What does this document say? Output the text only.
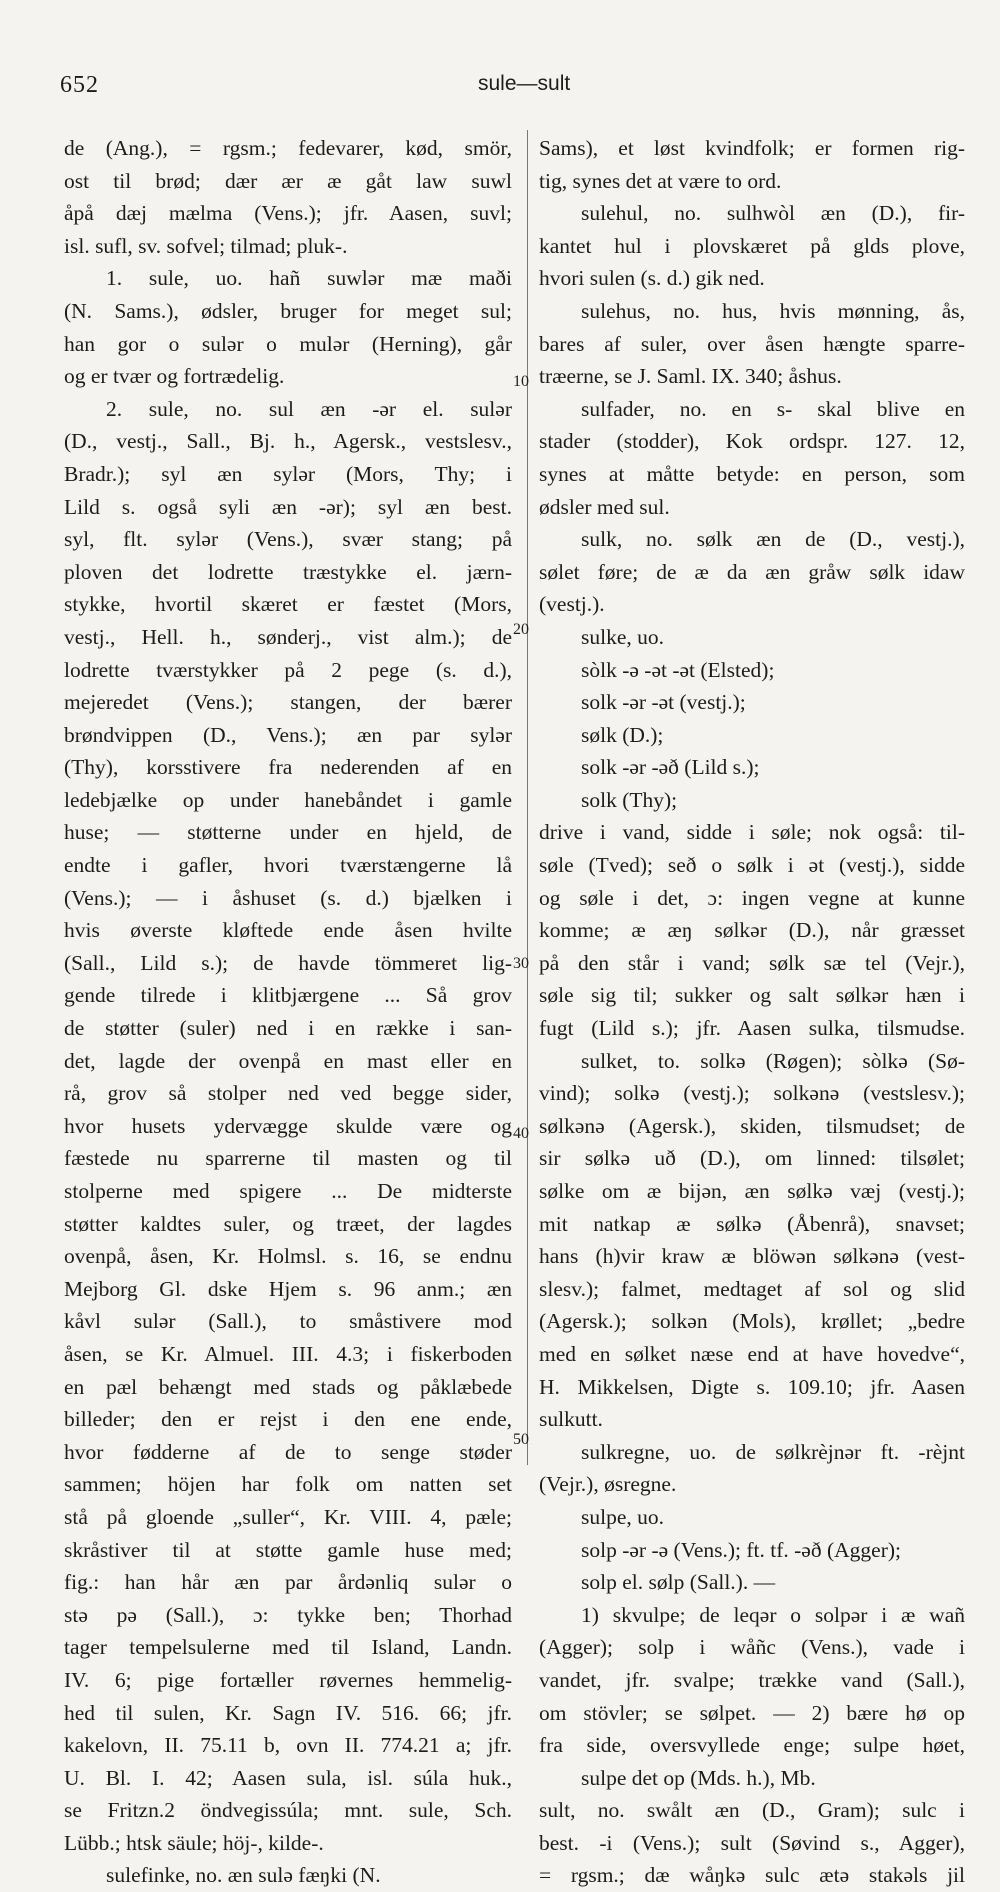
652	sule—sult
10
20
30
40
50
de (Ang.), = rgsm.; fedevarer, kød, smör,
ost til brød; dær ær æ gåt law suwl
åpå dæj mælma (Vens.); jfr. Aasen, suvl;
isl. sufl, sv. sofvel; tilmad; pluk-.
1. sule, uo. hañ suwlər mæ maði
(N. Sams.), ødsler, bruger for meget sul;
han gor o sulər o mulər (Herning), går
og er tvær og fortrædelig.
2. sule, no. sul æn -ər el. sulər
(D., vestj., Sall., Bj. h., Agersk., vestslesv.,
Bradr.); syl æn sylər (Mors, Thy; i
Lild s. også syli æn -ər); syl æn best.
syl, flt. sylər (Vens.), svær stang; på
ploven det lodrette træstykke el. jærn-
stykke, hvortil skæret er fæstet (Mors,
vestj., Hell. h., sønderj., vist alm.); de
lodrette tværstykker på 2 pege (s. d.),
mejeredet (Vens.); stangen, der bærer
brøndvippen (D., Vens.); æn par sylər
(Thy), korsstivere fra nederenden af en
ledebjælke op under hanebåndet i gamle
huse; — støtterne under en hjeld, de
endte i gafler, hvori tværstængerne lå
(Vens.); — i åshuset (s. d.) bjælken i
hvis øverste kløftede ende åsen hvilte
(Sall., Lild s.); de havde tömmeret lig-
gende tilrede i klitbjærgene ... Så grov
de støtter (suler) ned i en række i san-
det, lagde der ovenpå en mast eller en
rå, grov så stolper ned ved begge sider,
hvor husets ydervægge skulde være og
fæstede nu sparrerne til masten og til
stolperne med spigere ... De midterste
støtter kaldtes suler, og træet, der lagdes
ovenpå, åsen, Kr. Holmsl. s. 16, se endnu
Mejborg Gl. dske Hjem s. 96 anm.; æn
kåvl sulər (Sall.), to småstivere mod
åsen, se Kr. Almuel. III. 4.3; i fiskerboden
en pæl behængt med stads og påklæbede
billeder; den er rejst i den ene ende,
hvor fødderne af de to senge støder
sammen; höjen har folk om natten set
stå på gloende „suller“, Kr. VIII. 4, pæle;
skråstiver til at støtte gamle huse med;
fig.: han hår æn par årdənliq sulər o
stə pə (Sall.), ɔ: tykke ben; Thorhad
tager tempelsulerne med til Island, Landn.
IV. 6; pige fortæller røvernes hemmelig-
hed til sulen, Kr. Sagn IV. 516. 66; jfr.
kakelovn, II. 75.11 b, ovn II. 774.21 a; jfr.
U. Bl. I. 42; Aasen sula, isl. súla huk.,
se Fritzn.2 öndvegissúla; mnt. sule, Sch.
Lübb.; htsk säule; höj-, kilde-.
sulefinke, no. æn sulə fæŋki (N.
Sams), et løst kvindfolk; er formen rig-
tig, synes det at være to ord.
sulehul, no. sulhwòl æn (D.), fir-
kantet hul i plovskæret på glds plove,
hvori sulen (s. d.) gik ned.
sulehus, no. hus, hvis mønning, ås,
bares af suler, over åsen hængte sparre-
træerne, se J. Saml. IX. 340; åshus.
sulfader, no. en s- skal blive en
stader (stodder), Kok ordspr. 127. 12,
synes at måtte betyde: en person, som
ødsler med sul.
sulk, no. sølk æn de (D., vestj.),
sølet føre; de æ da æn gråw sølk idaw
(vestj.).
sulke, uo.
sòlk -ə -ət -ət (Elsted);
solk -ər -ət (vestj.);
sølk (D.);
solk -ər -əð (Lild s.);
solk (Thy);
drive i vand, sidde i søle; nok også: til-
søle (Tved); seð o sølk i ət (vestj.), sidde
og søle i det, ɔ: ingen vegne at kunne
komme; æ æŋ sølkər (D.), når græsset
på den står i vand; sølk sæ tel (Vejr.),
søle sig til; sukker og salt sølkər hæn i
fugt (Lild s.); jfr. Aasen sulka, tilsmudse.
sulket, to. solkə (Røgen); sòlkə (Sø-
vind); solkə (vestj.); solkənə (vestslesv.);
sølkənə (Agersk.), skiden, tilsmudset; de
sir sølkə uð (D.), om linned: tilsølet;
sølke om æ bijən, æn sølkə væj (vestj.);
mit natkap æ sølkə (Åbenrå), snavset;
hans (h)vir kraw æ blöwən sølkənə (vest-
slesv.); falmet, medtaget af sol og slid
(Agersk.); solkən (Mols), krøllet; „bedre
med en sølket næse end at have hovedve“,
H. Mikkelsen, Digte s. 109.10; jfr. Aasen
sulkutt.
sulkregne, uo. de sølkrèjnər ft. -rèjnt
(Vejr.), øsregne.
sulpe, uo.
solp -ər -ə (Vens.); ft. tf. -əð (Agger);
solp el. sølp (Sall.). —
1) skvulpe; de leqər o solpər i æ wañ
(Agger); solp i wåñc (Vens.), vade i
vandet, jfr. svalpe; trække vand (Sall.),
om stövler; se sølpet. — 2) bære hø op
fra side, oversvyllede enge; sulpe høet,
sulpe det op (Mds. h.), Mb.
sult, no. swålt æn (D., Gram); sulc i
best. -i (Vens.); sult (Søvind s., Agger),
= rgsm.; dæ wåŋkə sulc ætə stakəls jil
